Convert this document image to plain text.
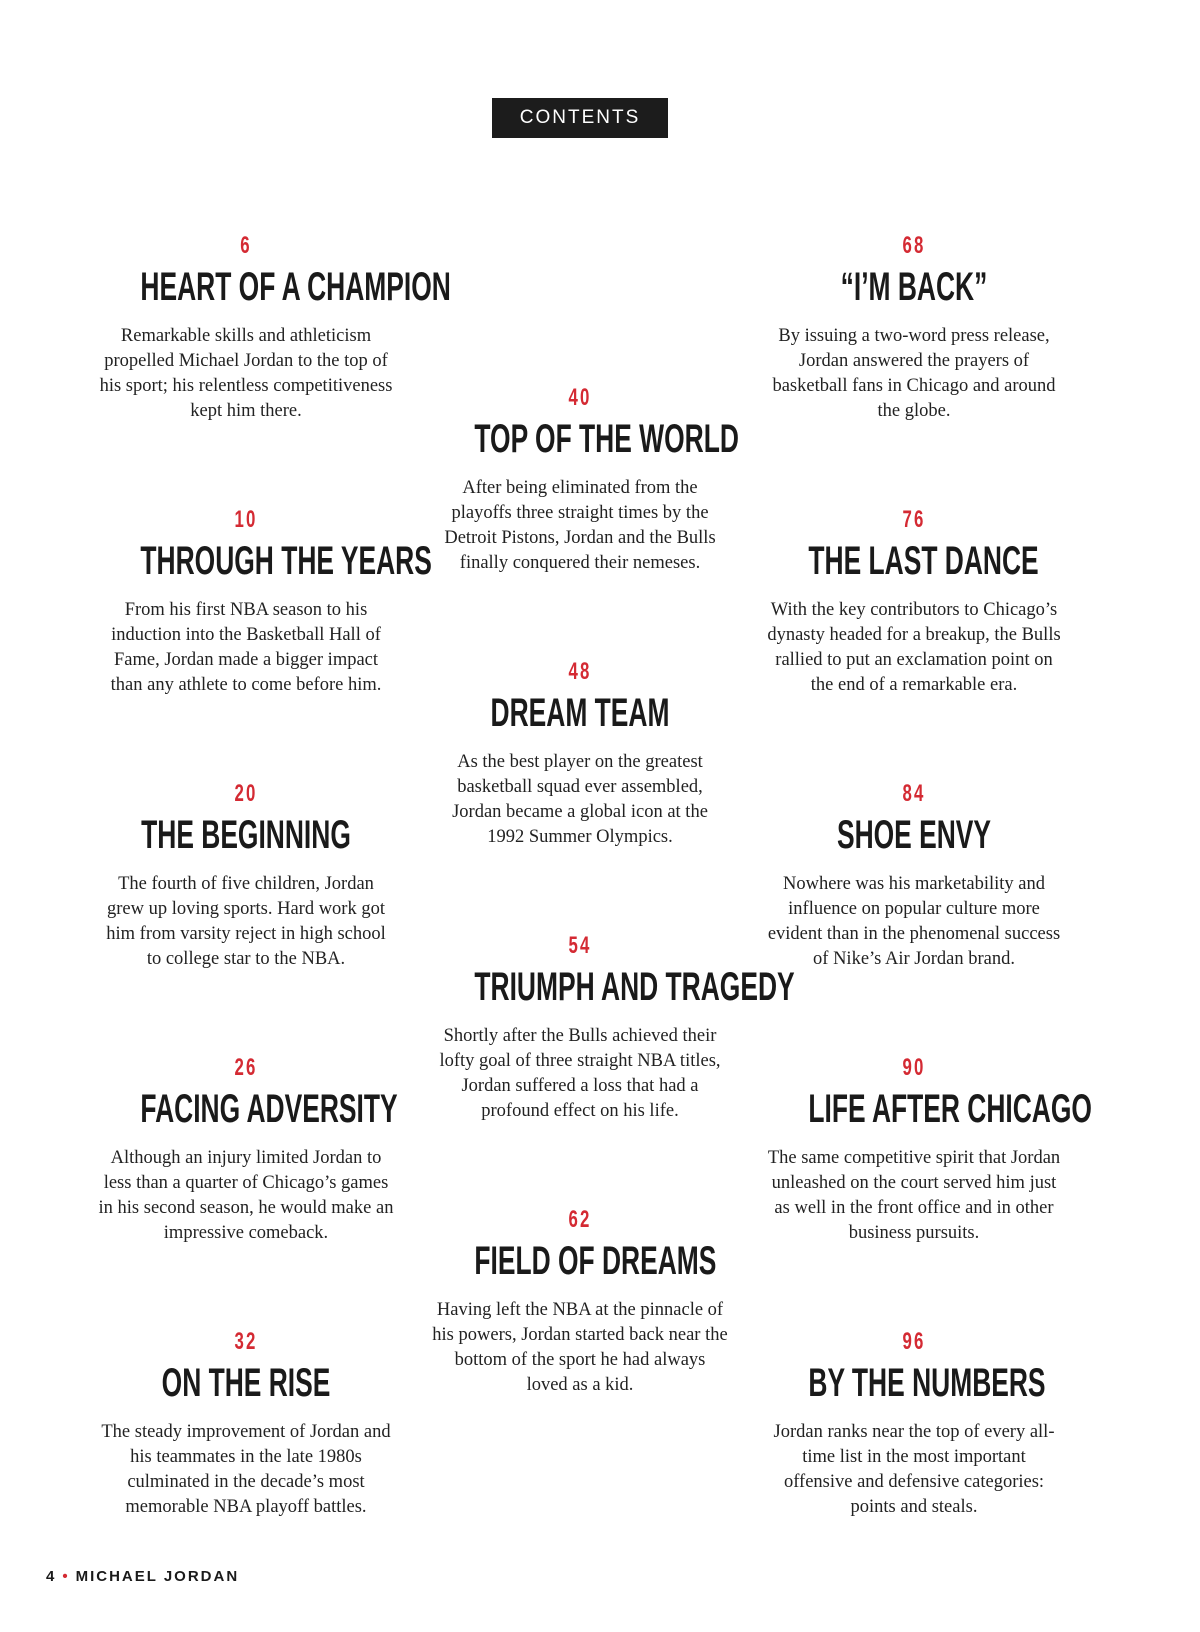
CONTENTS
6
HEART OF A CHAMPION
Remarkable skills and athleticism propelled Michael Jordan to the top of his sport; his relentless competitiveness kept him there.
10
THROUGH THE YEARS
From his first NBA season to his induction into the Basketball Hall of Fame, Jordan made a bigger impact than any athlete to come before him.
20
THE BEGINNING
The fourth of five children, Jordan grew up loving sports. Hard work got him from varsity reject in high school to college star to the NBA.
26
FACING ADVERSITY
Although an injury limited Jordan to less than a quarter of Chicago’s games in his second season, he would make an impressive comeback.
32
ON THE RISE
The steady improvement of Jordan and his teammates in the late 1980s culminated in the decade’s most memorable NBA playoff battles.
40
TOP OF THE WORLD
After being eliminated from the playoffs three straight times by the Detroit Pistons, Jordan and the Bulls finally conquered their nemeses.
48
DREAM TEAM
As the best player on the greatest basketball squad ever assembled, Jordan became a global icon at the 1992 Summer Olympics.
54
TRIUMPH AND TRAGEDY
Shortly after the Bulls achieved their lofty goal of three straight NBA titles, Jordan suffered a loss that had a profound effect on his life.
62
FIELD OF DREAMS
Having left the NBA at the pinnacle of his powers, Jordan started back near the bottom of the sport he had always loved as a kid.
68
“I’M BACK”
By issuing a two-word press release, Jordan answered the prayers of basketball fans in Chicago and around the globe.
76
THE LAST DANCE
With the key contributors to Chicago’s dynasty headed for a breakup, the Bulls rallied to put an exclamation point on the end of a remarkable era.
84
SHOE ENVY
Nowhere was his marketability and influence on popular culture more evident than in the phenomenal success of Nike’s Air Jordan brand.
90
LIFE AFTER CHICAGO
The same competitive spirit that Jordan unleashed on the court served him just as well in the front office and in other business pursuits.
96
BY THE NUMBERS
Jordan ranks near the top of every all-time list in the most important offensive and defensive categories: points and steals.
4 • MICHAEL JORDAN
